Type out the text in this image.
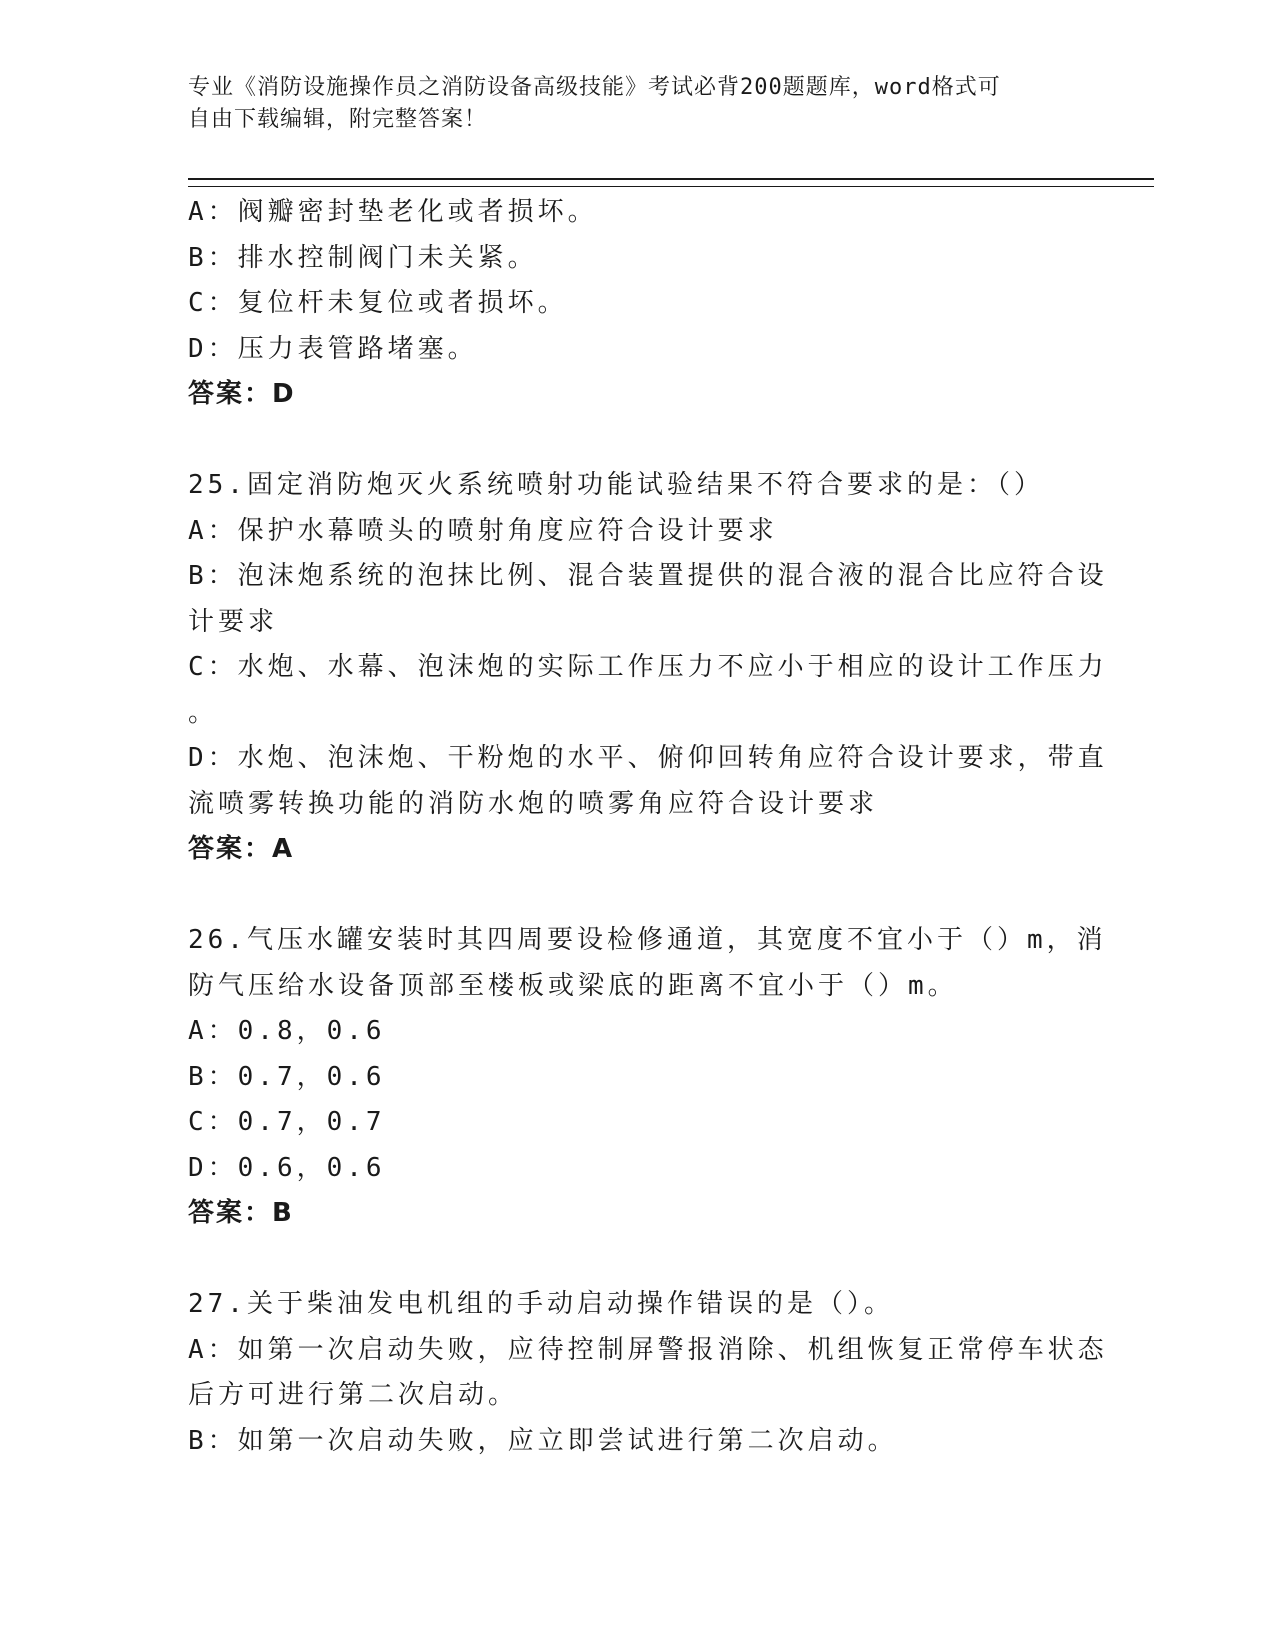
专业《消防设施操作员之消防设备高级技能》考试必背200题题库，word格式可
自由下载编辑，附完整答案！
A：阀瓣密封垫老化或者损坏。
B：排水控制阀门未关紧。
C：复位杆未复位或者损坏。
D：压力表管路堵塞。
答案：D
25.固定消防炮灭火系统喷射功能试验结果不符合要求的是：（）
A：保护水幕喷头的喷射角度应符合设计要求
B：泡沫炮系统的泡抹比例、混合装置提供的混合液的混合比应符合设
计要求
C：水炮、水幕、泡沫炮的实际工作压力不应小于相应的设计工作压力
。
D：水炮、泡沫炮、干粉炮的水平、俯仰回转角应符合设计要求，带直
流喷雾转换功能的消防水炮的喷雾角应符合设计要求
答案：A
26.气压水罐安装时其四周要设检修通道，其宽度不宜小于（）m，消
防气压给水设备顶部至楼板或梁底的距离不宜小于（）m。
A：0.8，0.6
B：0.7，0.6
C：0.7，0.7
D：0.6，0.6
答案：B
27.关于柴油发电机组的手动启动操作错误的是（）。
A：如第一次启动失败，应待控制屏警报消除、机组恢复正常停车状态
后方可进行第二次启动。
B：如第一次启动失败，应立即尝试进行第二次启动。
